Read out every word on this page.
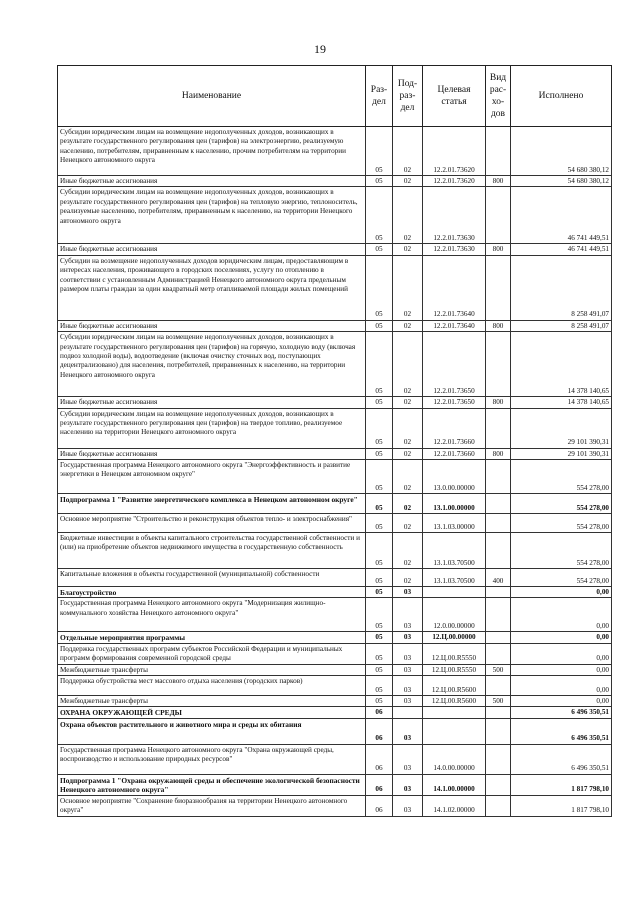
19
Наименование	Раз- дел	Под- раз- дел	Целевая статья	Вид рас- хо- дов	Исполнено
Субсидии юридическим лицам на возмещение недополученных доходов, возникающих в результате государственного регулирования цен (тарифов) на электроэнергию, реализуемую населению, потребителям, приравненным к населению, прочим потребителям на территории Ненецкого автономного округа	05	02	12.2.01.73620		54 680 380,12
Иные бюджетные ассигнования	05	02	12.2.01.73620	800	54 680 380,12
Субсидии юридическим лицам на возмещение недополученных доходов, возникающих в результате государственного регулирования цен (тарифов) на тепловую энергию, теплоноситель, реализуемые населению, потребителям, приравненным к населению, на территории Ненецкого автономного округа	05	02	12.2.01.73630		46 741 449,51
Иные бюджетные ассигнования	05	02	12.2.01.73630	800	46 741 449,51
Субсидии на возмещение недополученных доходов юридическим лицам, предоставляющим в интересах населения, проживающего в городских поселениях, услугу по отоплению в соответствии с установленным Администрацией Ненецкого автономного округа предельным размером платы граждан за один квадратный метр отапливаемой площади жилых помещений	05	02	12.2.01.73640		8 258 491,07
Иные бюджетные ассигнования	05	02	12.2.01.73640	800	8 258 491,07
Субсидии юридическим лицам на возмещение недополученных доходов, возникающих в результате государственного регулирования цен (тарифов) на горячую, холодную воду (включая подвоз холодной воды), водоотведение (включая очистку сточных вод, поступающих децентрализовано) для населения, потребителей, приравненных к населению, на территории Ненецкого автономного округа	05	02	12.2.01.73650		14 378 140,65
Иные бюджетные ассигнования	05	02	12.2.01.73650	800	14 378 140,65
Субсидии юридическим лицам на возмещение недополученных доходов, возникающих в результате государственного регулирования цен (тарифов) на твердое топливо, реализуемое населению на территории Ненецкого автономного округа	05	02	12.2.01.73660		29 101 390,31
Иные бюджетные ассигнования	05	02	12.2.01.73660	800	29 101 390,31
Государственная программа Ненецкого автономного округа "Энергоэффективность и развитие энергетики в Ненецком автономном округе"	05	02	13.0.00.00000		554 278,00
Подпрограмма 1 "Развитие энергетического комплекса в Ненецком автономном округе"	05	02	13.1.00.00000		554 278,00
Основное мероприятие "Строительство и реконструкция объектов тепло- и электроснабжения"	05	02	13.1.03.00000		554 278,00
Бюджетные инвестиции в объекты капитального строительства государственной собственности и (или) на приобретение объектов недвижимого имущества в государственную собственность	05	02	13.1.03.70500		554 278,00
Капитальные вложения в объекты государственной (муниципальной) собственности	05	02	13.1.03.70500	400	554 278,00
Благоустройство	05	03			0,00
Государственная программа Ненецкого автономного округа "Модернизация жилищно-коммунального хозяйства Ненецкого автономного округа"	05	03	12.0.00.00000		0,00
Отдельные мероприятия программы	05	03	12.Ц.00.00000		0,00
Поддержка государственных программ субъектов Российской Федерации и муниципальных программ формирования современной городской среды	05	03	12.Ц.00.R5550		0,00
Межбюджетные трансферты	05	03	12.Ц.00.R5550	500	0,00
Поддержка обустройства мест массового отдыха населения (городских парков)	05	03	12.Ц.00.R5600		0,00
Межбюджетные трансферты	05	03	12.Ц.00.R5600	500	0,00
ОХРАНА ОКРУЖАЮЩЕЙ СРЕДЫ	06				6 496 350,51
Охрана объектов растительного и животного мира и среды их обитания	06	03			6 496 350,51
Государственная программа Ненецкого автономного округа "Охрана окружающей среды, воспроизводство и использование природных ресурсов"	06	03	14.0.00.00000		6 496 350,51
Подпрограмма 1 "Охрана окружающей среды и обеспечение экологической безопасности Ненецкого автономного округа"	06	03	14.1.00.00000		1 817 798,10
Основное мероприятие "Сохранение биоразнообразия на территории Ненецкого автономного округа"	06	03	14.1.02.00000		1 817 798,10
